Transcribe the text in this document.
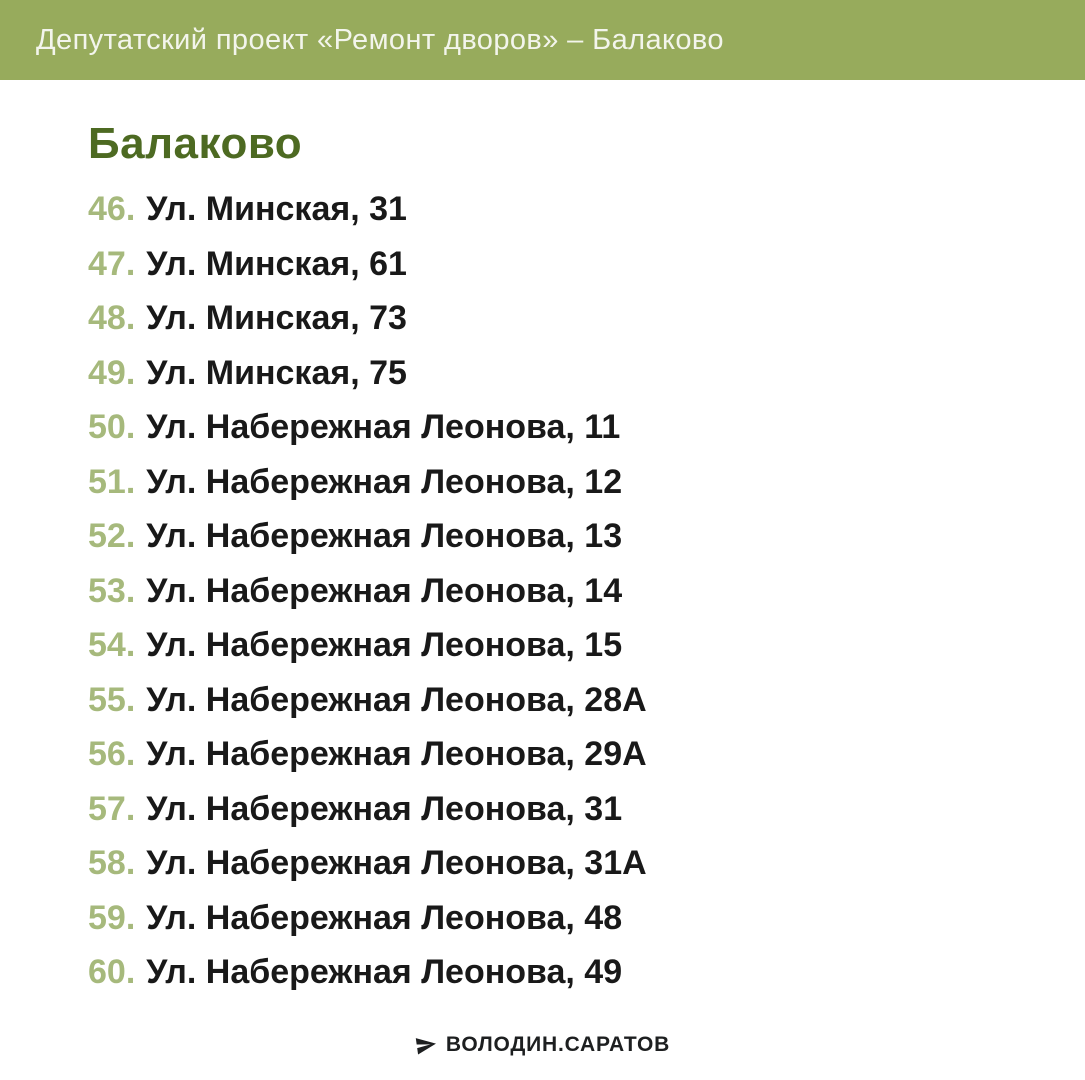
Депутатский проект «Ремонт дворов» – Балаково
Балаково
46. Ул. Минская, 31
47. Ул. Минская, 61
48. Ул. Минская, 73
49. Ул. Минская, 75
50. Ул. Набережная Леонова, 11
51. Ул. Набережная Леонова, 12
52. Ул. Набережная Леонова, 13
53. Ул. Набережная Леонова, 14
54. Ул. Набережная Леонова, 15
55. Ул. Набережная Леонова, 28А
56. Ул. Набережная Леонова, 29А
57. Ул. Набережная Леонова, 31
58. Ул. Набережная Леонова, 31А
59. Ул. Набережная Леонова, 48
60. Ул. Набережная Леонова, 49
ВОЛОДИН.САРАТОВ
